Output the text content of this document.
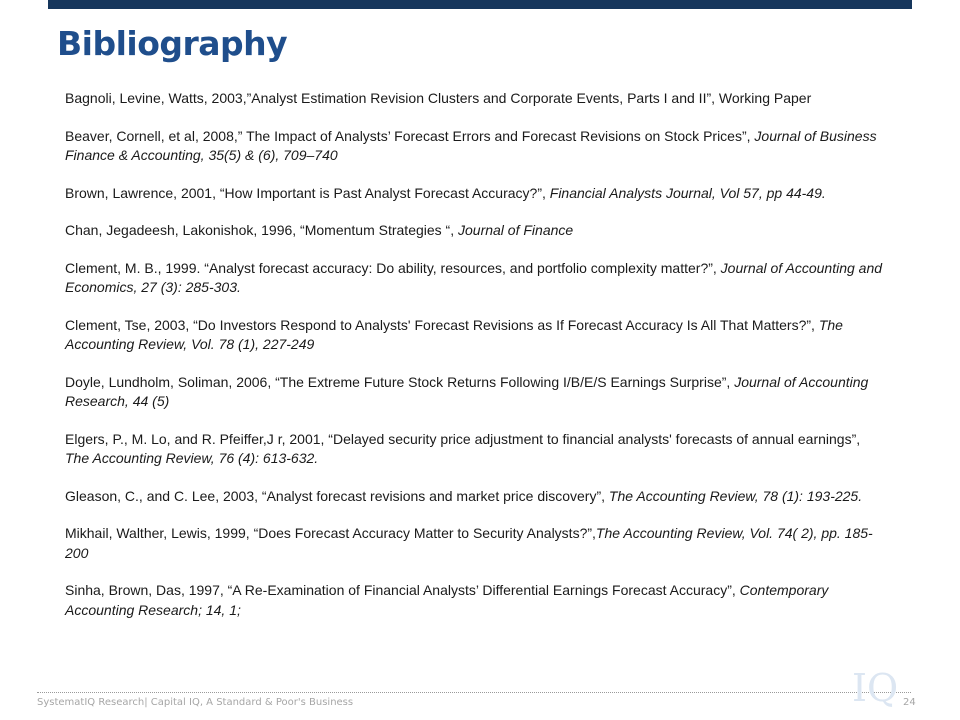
Bibliography
Bagnoli, Levine, Watts, 2003,”Analyst Estimation Revision Clusters and Corporate Events, Parts I and II”, Working Paper
Beaver, Cornell, et al, 2008,” The Impact of Analysts’ Forecast Errors and Forecast Revisions on Stock Prices”, Journal of Business Finance & Accounting, 35(5) & (6), 709–740
Brown, Lawrence, 2001, “How Important is Past Analyst Forecast Accuracy?”, Financial Analysts Journal, Vol 57, pp 44-49.
Chan, Jegadeesh, Lakonishok, 1996, “Momentum Strategies “, Journal of Finance
Clement, M. B., 1999. “Analyst forecast accuracy: Do ability, resources, and portfolio complexity matter?”, Journal of Accounting and Economics, 27 (3): 285-303.
Clement, Tse, 2003, “Do Investors Respond to Analysts' Forecast Revisions as If Forecast Accuracy Is All That Matters?”, The Accounting Review, Vol. 78 (1), 227-249
Doyle, Lundholm, Soliman, 2006, “The Extreme Future Stock Returns Following I/B/E/S Earnings Surprise”, Journal of Accounting Research, 44 (5)
Elgers, P., M. Lo, and R. Pfeiffer,J r, 2001, “Delayed security price adjustment to financial analysts' forecasts of annual earnings”, The Accounting Review, 76 (4): 613-632.
Gleason, C., and C. Lee, 2003, “Analyst forecast revisions and market price discovery”, The Accounting Review, 78 (1): 193-225.
Mikhail, Walther, Lewis, 1999, “Does Forecast Accuracy Matter to Security Analysts?”,The Accounting Review, Vol. 74( 2), pp. 185-200
Sinha, Brown, Das, 1997, “A Re-Examination of Financial Analysts’ Differential Earnings Forecast Accuracy”, Contemporary Accounting Research; 14, 1;
IQ
SystematIQ Research| Capital IQ, A Standard & Poor's Business	24
